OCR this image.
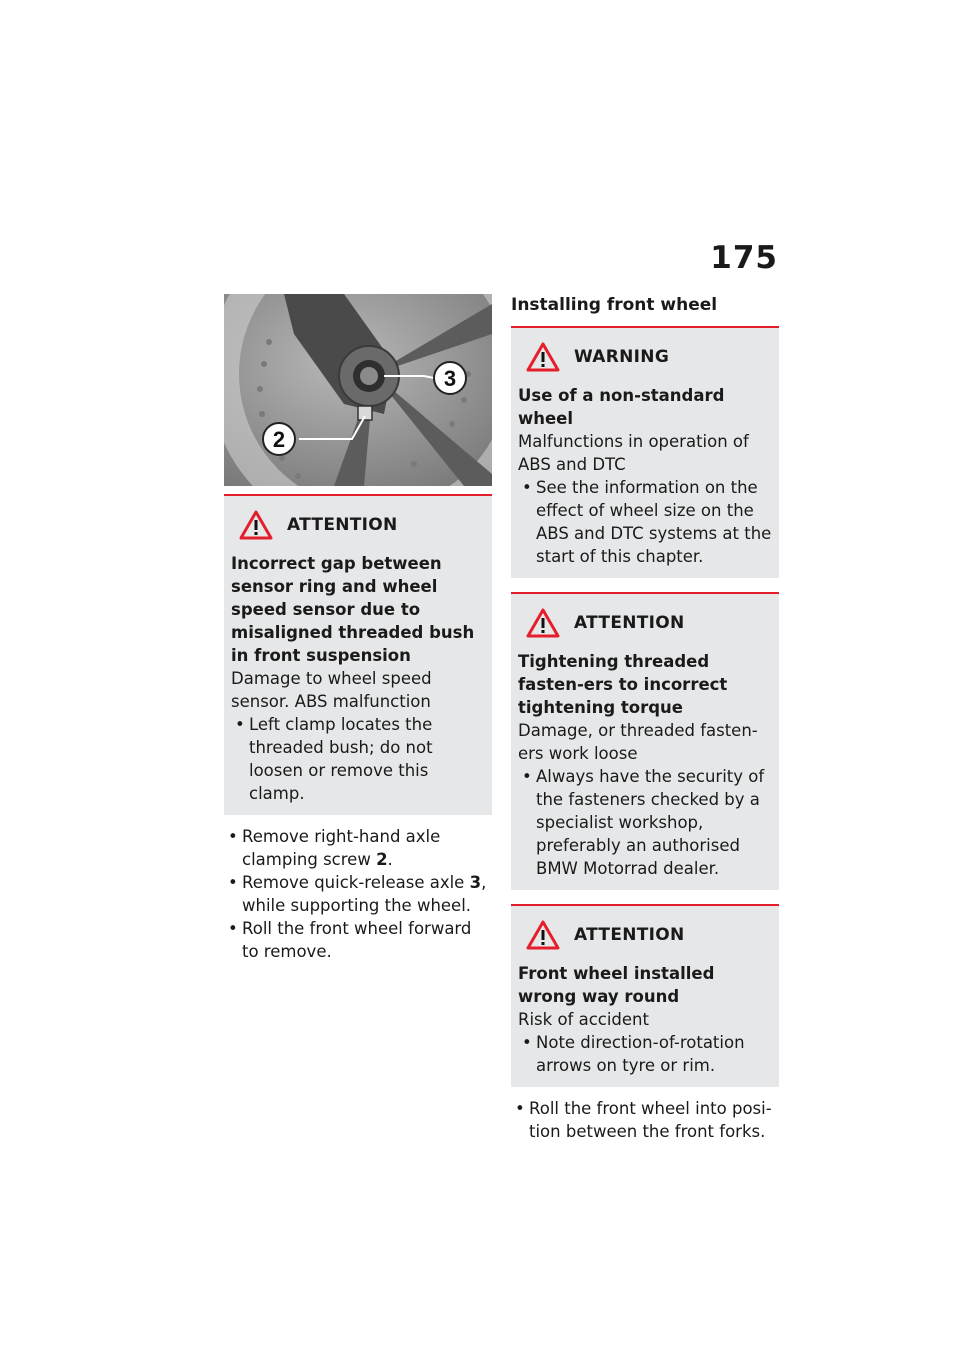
175
3
2
ATTENTION
Incorrect gap between sensor ring and wheel speed sensor due to misaligned threaded bush in front suspension
Damage to wheel speed sensor. ABS malfunction
• Left clamp locates the threaded bush; do not loosen or remove this clamp.
• Remove right-hand axle clamping screw 2.
• Remove quick-release axle 3, while supporting the wheel.
• Roll the front wheel forward to remove.
Installing front wheel
WARNING
Use of a non-standard wheel
Malfunctions in operation of ABS and DTC
• See the information on the effect of wheel size on the ABS and DTC systems at the start of this chapter.
ATTENTION
Tightening threaded fasten-ers to incorrect tightening torque
Damage, or threaded fasten-ers work loose
• Always have the security of the fasteners checked by a specialist workshop, preferably an authorised BMW Motorrad dealer.
ATTENTION
Front wheel installed wrong way round
Risk of accident
• Note direction-of-rotation arrows on tyre or rim.
• Roll the front wheel into posi-tion between the front forks.
